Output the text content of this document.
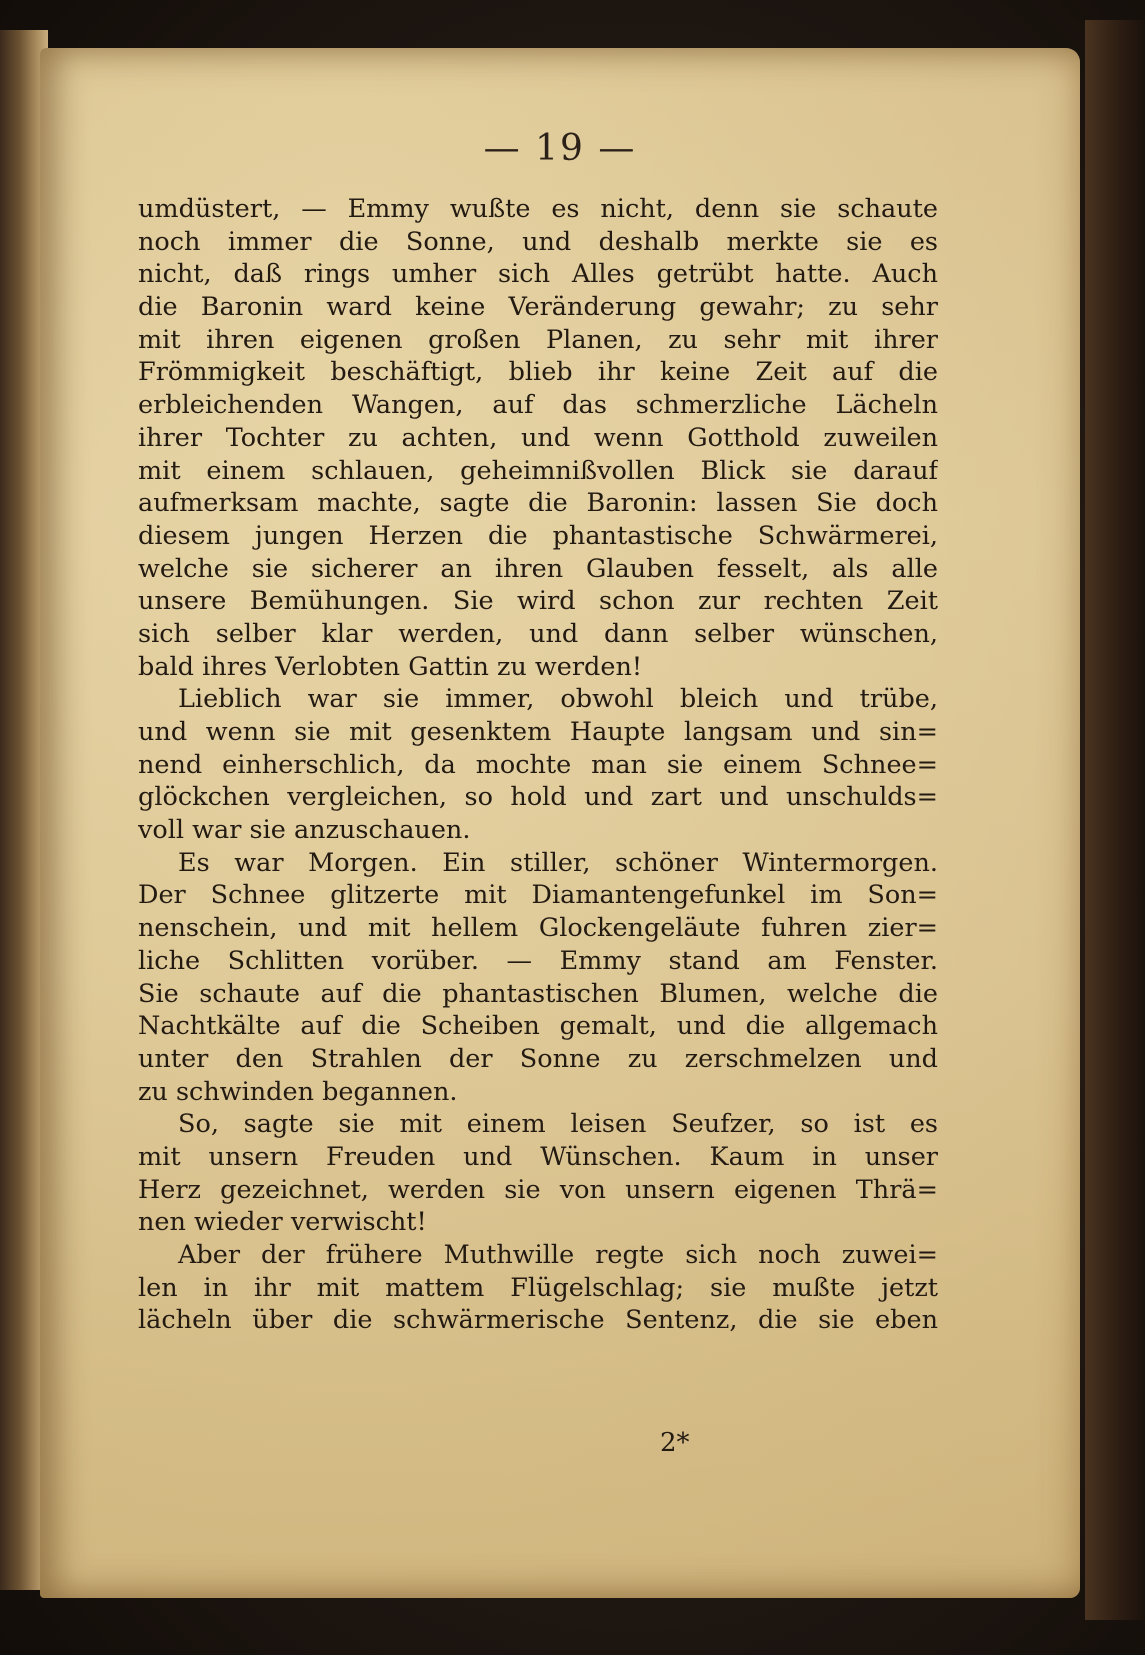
— 19 —
umdüstert, — Emmy wußte es nicht, denn sie schaute
noch immer die Sonne, und deshalb merkte sie es
nicht, daß rings umher sich Alles getrübt hatte. Auch
die Baronin ward keine Veränderung gewahr; zu sehr
mit ihren eigenen großen Planen, zu sehr mit ihrer
Frömmigkeit beschäftigt, blieb ihr keine Zeit auf die
erbleichenden Wangen, auf das schmerzliche Lächeln
ihrer Tochter zu achten, und wenn Gotthold zuweilen
mit einem schlauen, geheimnißvollen Blick sie darauf
aufmerksam machte, sagte die Baronin: lassen Sie doch
diesem jungen Herzen die phantastische Schwärmerei,
welche sie sicherer an ihren Glauben fesselt, als alle
unsere Bemühungen. Sie wird schon zur rechten Zeit
sich selber klar werden, und dann selber wünschen,
bald ihres Verlobten Gattin zu werden!
Lieblich war sie immer, obwohl bleich und trübe,
und wenn sie mit gesenktem Haupte langsam und sin=
nend einherschlich, da mochte man sie einem Schnee=
glöckchen vergleichen, so hold und zart und unschulds=
voll war sie anzuschauen.
Es war Morgen. Ein stiller, schöner Wintermorgen.
Der Schnee glitzerte mit Diamantengefunkel im Son=
nenschein, und mit hellem Glockengeläute fuhren zier=
liche Schlitten vorüber. — Emmy stand am Fenster.
Sie schaute auf die phantastischen Blumen, welche die
Nachtkälte auf die Scheiben gemalt, und die allgemach
unter den Strahlen der Sonne zu zerschmelzen und
zu schwinden begannen.
So, sagte sie mit einem leisen Seufzer, so ist es
mit unsern Freuden und Wünschen. Kaum in unser
Herz gezeichnet, werden sie von unsern eigenen Thrä=
nen wieder verwischt!
Aber der frühere Muthwille regte sich noch zuwei=
len in ihr mit mattem Flügelschlag; sie mußte jetzt
lächeln über die schwärmerische Sentenz, die sie eben
2*
